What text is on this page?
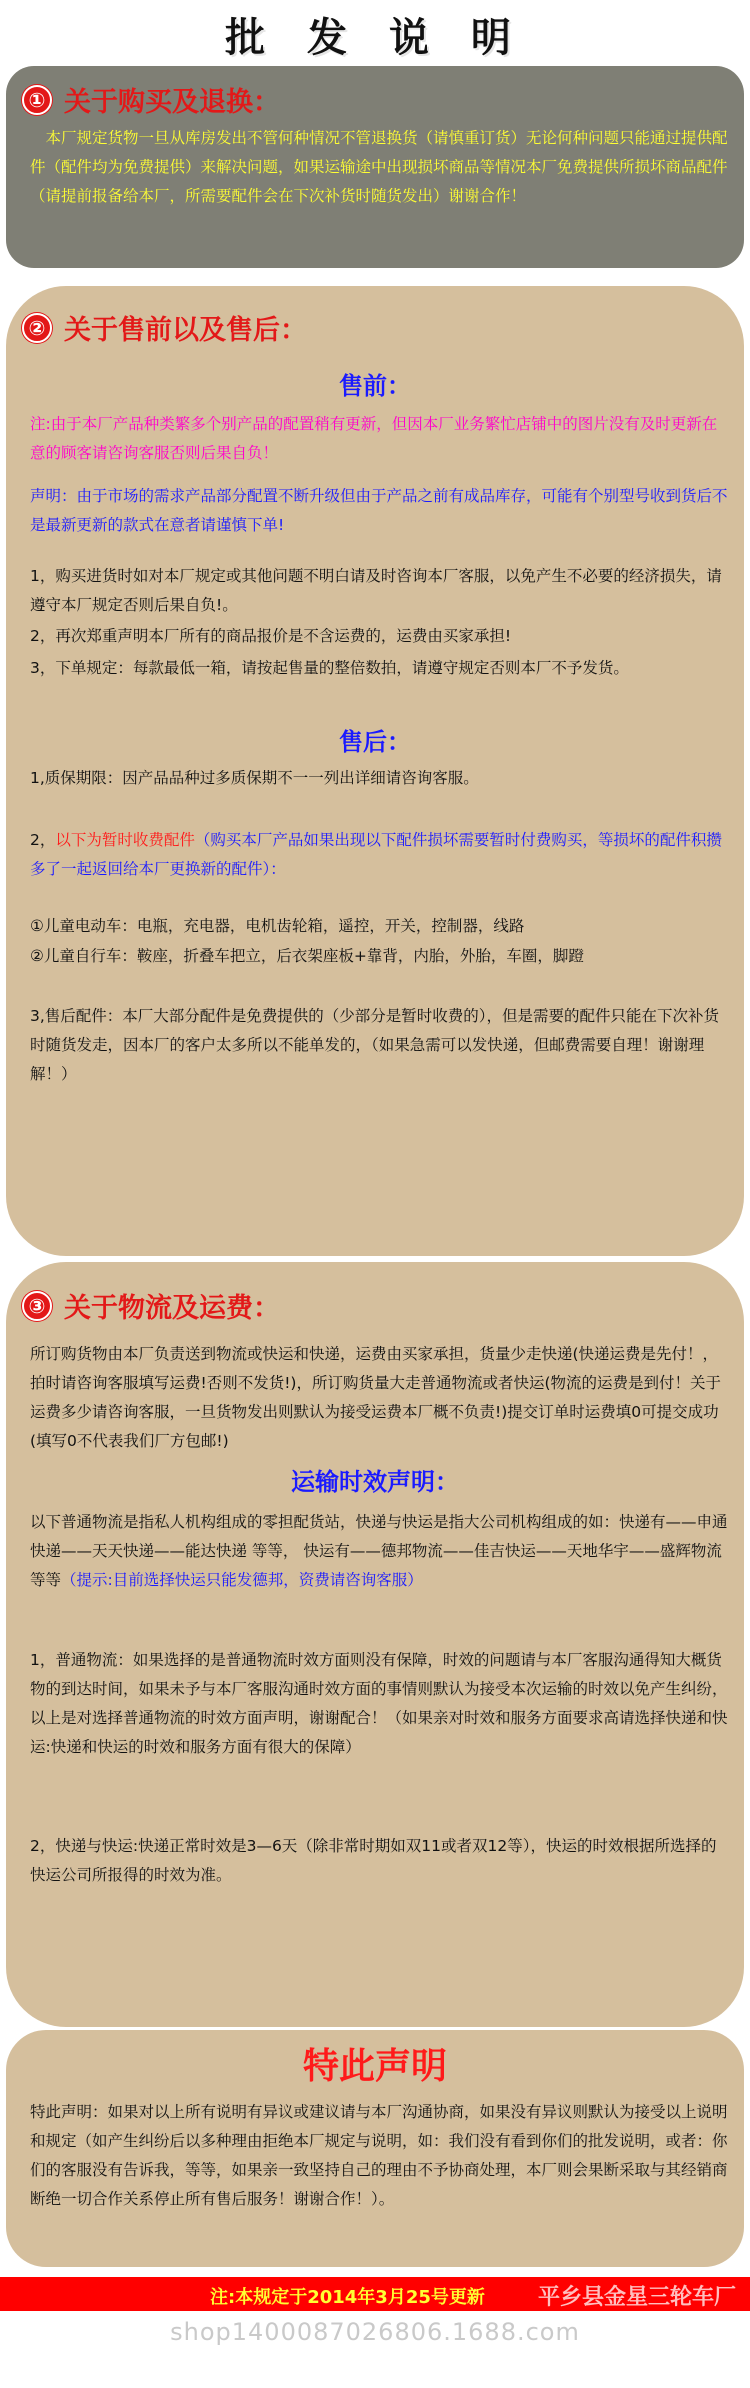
批 发 说 明
① 关于购买及退换：
本厂规定货物一旦从库房发出不管何种情况不管退换货（请慎重订货）无论何种问题只能通过提供配件（配件均为免费提供）来解决问题，如果运输途中出现损坏商品等情况本厂免费提供所损坏商品配件（请提前报备给本厂，所需要配件会在下次补货时随货发出）谢谢合作！
② 关于售前以及售后：
售前：
注:由于本厂产品种类繁多个别产品的配置稍有更新，但因本厂业务繁忙店铺中的图片没有及时更新在意的顾客请咨询客服否则后果自负！
声明：由于市场的需求产品部分配置不断升级但由于产品之前有成品库存，可能有个别型号收到货后不是最新更新的款式在意者请谨慎下单!
1，购买进货时如对本厂规定或其他问题不明白请及时咨询本厂客服，以免产生不必要的经济损失，请遵守本厂规定否则后果自负!。
2，再次郑重声明本厂所有的商品报价是不含运费的，运费由买家承担!
3，下单规定：每款最低一箱，请按起售量的整倍数拍，请遵守规定否则本厂不予发货。
售后：
1,质保期限：因产品品种过多质保期不一一列出详细请咨询客服。
2，以下为暂时收费配件（购买本厂产品如果出现以下配件损坏需要暂时付费购买，等损坏的配件积攒多了一起返回给本厂更换新的配件）：
①儿童电动车：电瓶，充电器，电机齿轮箱，遥控，开关，控制器，线路
②儿童自行车：鞍座，折叠车把立，后衣架座板+靠背，内胎，外胎，车圈，脚蹬
3,售后配件：本厂大部分配件是免费提供的（少部分是暂时收费的），但是需要的配件只能在下次补货时随货发走，因本厂的客户太多所以不能单发的，（如果急需可以发快递，但邮费需要自理！谢谢理解！）
③ 关于物流及运费：
所订购货物由本厂负责送到物流或快运和快递，运费由买家承担，货量少走快递(快递运费是先付！，拍时请咨询客服填写运费!否则不发货!)，所订购货量大走普通物流或者快运(物流的运费是到付！关于运费多少请咨询客服，一旦货物发出则默认为接受运费本厂概不负责!)提交订单时运费填0可提交成功(填写0不代表我们厂方包邮!)
运输时效声明：
以下普通物流是指私人机构组成的零担配货站，快递与快运是指大公司机构组成的如：快递有——申通快递——天天快递——能达快递 等等， 快运有——德邦物流——佳吉快运——天地华宇——盛辉物流 等等（提示:目前选择快运只能发德邦，资费请咨询客服）
1，普通物流：如果选择的是普通物流时效方面则没有保障，时效的问题请与本厂客服沟通得知大概货物的到达时间，如果未予与本厂客服沟通时效方面的事情则默认为接受本次运输的时效以免产生纠纷，以上是对选择普通物流的时效方面声明，谢谢配合！（如果亲对时效和服务方面要求高请选择快递和快运:快递和快运的时效和服务方面有很大的保障）
2，快递与快运:快递正常时效是3—6天（除非常时期如双11或者双12等），快运的时效根据所选择的快运公司所报得的时效为准。
特此声明
特此声明：如果对以上所有说明有异议或建议请与本厂沟通协商，如果没有异议则默认为接受以上说明和规定（如产生纠纷后以多种理由拒绝本厂规定与说明，如：我们没有看到你们的批发说明，或者：你们的客服没有告诉我，等等，如果亲一致坚持自己的理由不予协商处理，本厂则会果断采取与其经销商断绝一切合作关系停止所有售后服务！谢谢合作！）。
注:本规定于2014年3月25号更新 平乡县金星三轮车厂
shop1400087026806.1688.com
